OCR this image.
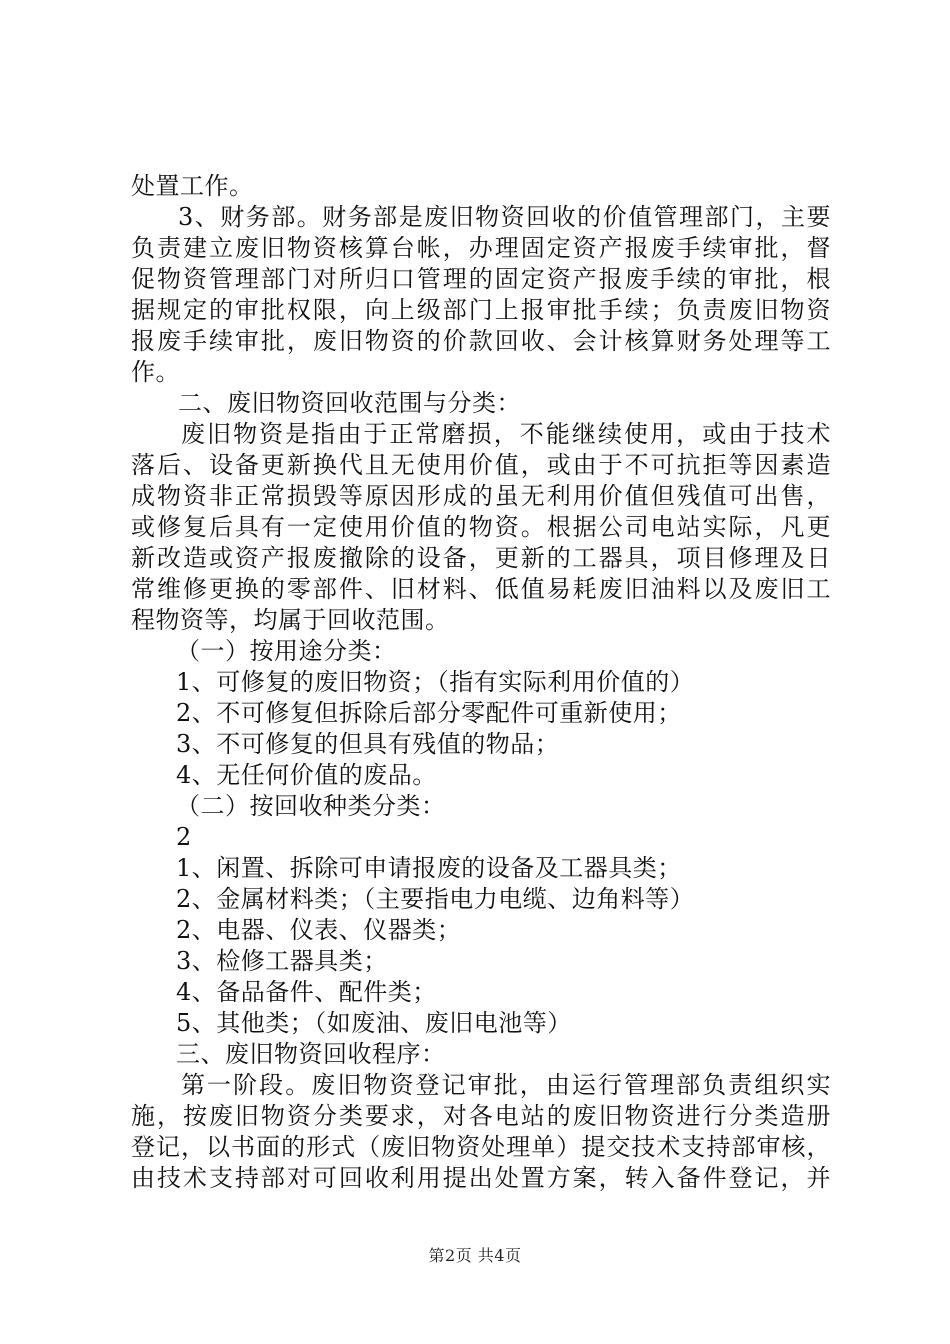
处置工作。
3、财务部。财务部是废旧物资回收的价值管理部门，主要
负责建立废旧物资核算台帐，办理固定资产报废手续审批，督
促物资管理部门对所归口管理的固定资产报废手续的审批，根
据规定的审批权限，向上级部门上报审批手续；负责废旧物资
报废手续审批，废旧物资的价款回收、会计核算财务处理等工
作。
二、废旧物资回收范围与分类：
废旧物资是指由于正常磨损，不能继续使用，或由于技术
落后、设备更新换代且无使用价值，或由于不可抗拒等因素造
成物资非正常损毁等原因形成的虽无利用价值但残值可出售，
或修复后具有一定使用价值的物资。根据公司电站实际，凡更
新改造或资产报废撤除的设备，更新的工器具，项目修理及日
常维修更换的零部件、旧材料、低值易耗废旧油料以及废旧工
程物资等，均属于回收范围。
（一）按用途分类：
1、可修复的废旧物资；（指有实际利用价值的）
2、不可修复但拆除后部分零配件可重新使用；
3、不可修复的但具有残值的物品；
4、无任何价值的废品。
（二）按回收种类分类：
2
1、闲置、拆除可申请报废的设备及工器具类；
2、金属材料类；（主要指电力电缆、边角料等）
2、电器、仪表、仪器类；
3、检修工器具类；
4、备品备件、配件类；
5、其他类；（如废油、废旧电池等）
三、废旧物资回收程序：
第一阶段。废旧物资登记审批，由运行管理部负责组织实
施，按废旧物资分类要求，对各电站的废旧物资进行分类造册
登记，以书面的形式（废旧物资处理单）提交技术支持部审核，
由技术支持部对可回收利用提出处置方案，转入备件登记，并
第2页 共4页
